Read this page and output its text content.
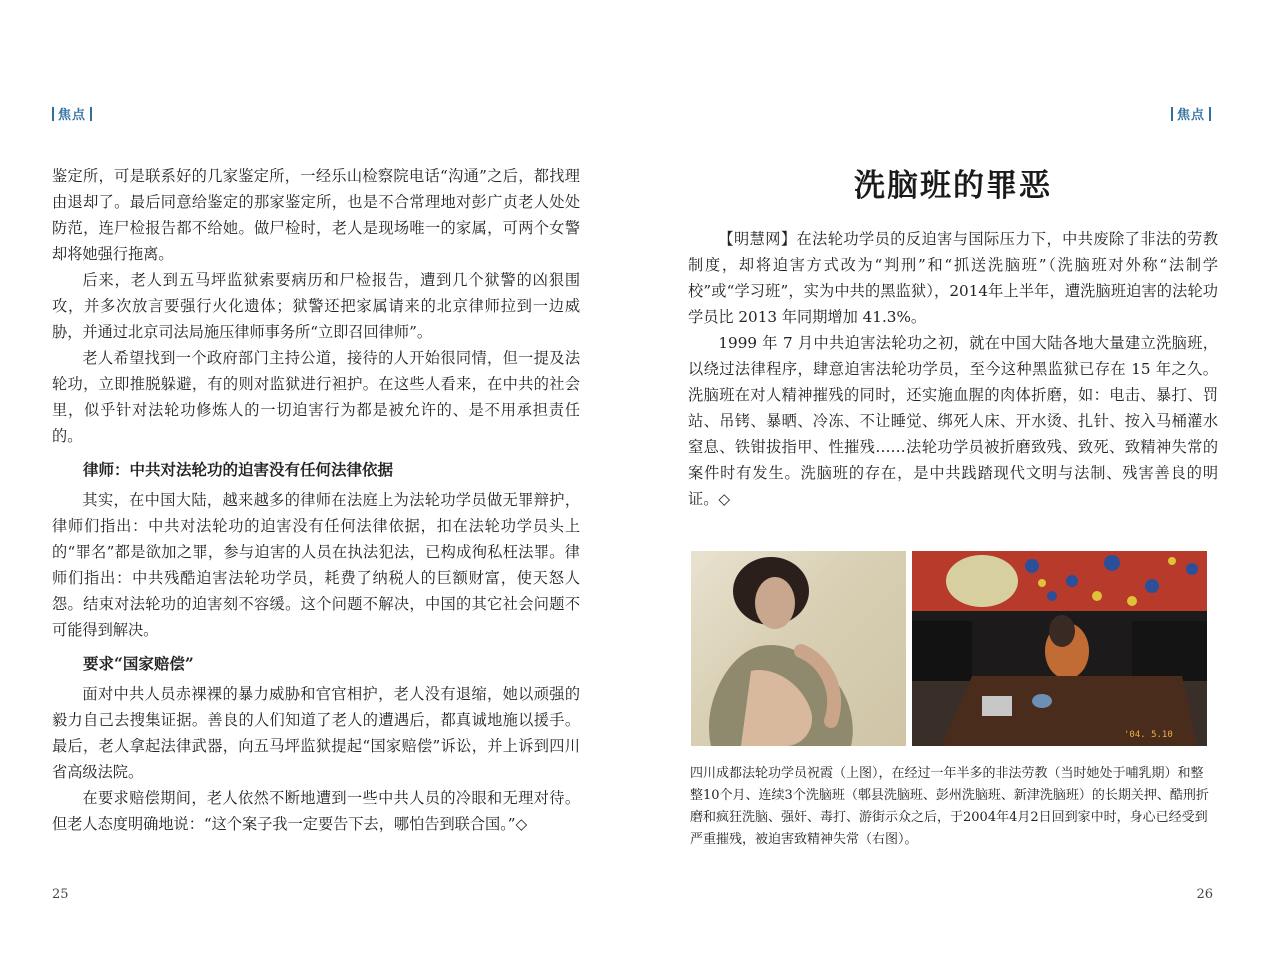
焦点

鉴定所，可是联系好的几家鉴定所，一经乐山检察院电话“沟通”之后，都找理由退却了。最后同意给鉴定的那家鉴定所，也是不合常理地对彭广贞老人处处防范，连尸检报告都不给她。做尸检时，老人是现场唯一的家属，可两个女警却将她强行拖离。

后来，老人到五马坪监狱索要病历和尸检报告，遭到几个狱警的凶狠围攻，并多次放言要强行火化遗体；狱警还把家属请来的北京律师拉到一边威胁，并通过北京司法局施压律师事务所“立即召回律师”。

老人希望找到一个政府部门主持公道，接待的人开始很同情，但一提及法轮功，立即推脱躲避，有的则对监狱进行袒护。在这些人看来，在中共的社会里，似乎针对法轮功修炼人的一切迫害行为都是被允许的、是不用承担责任的。

律师：中共对法轮功的迫害没有任何法律依据

其实，在中国大陆，越来越多的律师在法庭上为法轮功学员做无罪辩护，律师们指出：中共对法轮功的迫害没有任何法律依据，扣在法轮功学员头上的“罪名”都是欲加之罪，参与迫害的人员在执法犯法，已构成徇私枉法罪。律师们指出：中共残酷迫害法轮功学员，耗费了纳税人的巨额财富，使天怒人怨。结束对法轮功的迫害刻不容缓。这个问题不解决，中国的其它社会问题不可能得到解决。

要求“国家赔偿”

面对中共人员赤裸裸的暴力威胁和官官相护，老人没有退缩，她以顽强的毅力自己去搜集证据。善良的人们知道了老人的遭遇后，都真诚地施以援手。最后，老人拿起法律武器，向五马坪监狱提起“国家赔偿”诉讼，并上诉到四川省高级法院。

在要求赔偿期间，老人依然不断地遭到一些中共人员的冷眼和无理对待。但老人态度明确地说：“这个案子我一定要告下去，哪怕告到联合国。”◇

25
焦点
洗脑班的罪恶

【明慧网】在法轮功学员的反迫害与国际压力下，中共废除了非法的劳教制度，却将迫害方式改为“判刑”和“抓送洗脑班”（洗脑班对外称“法制学校”或“学习班”，实为中共的黑监狱），2014年上半年，遭洗脑班迫害的法轮功学员比 2013 年同期增加 41.3%。

1999 年 7 月中共迫害法轮功之初，就在中国大陆各地大量建立洗脑班，以绕过法律程序，肆意迫害法轮功学员，至今这种黑监狱已存在 15 年之久。洗脑班在对人精神摧残的同时，还实施血腥的肉体折磨，如：电击、暴打、罚站、吊铐、暴晒、冷冻、不让睡觉、绑死人床、开水烫、扎针、按入马桶灌水窒息、铁钳拔指甲、性摧残……法轮功学员被折磨致残、致死、致精神失常的案件时有发生。洗脑班的存在，是中共践踏现代文明与法制、残害善良的明证。◇

'04. 5.10
四川成都法轮功学员祝霞（上图），在经过一年半多的非法劳教（当时她处于哺乳期）和整整10个月、连续3个洗脑班（郫县洗脑班、彭州洗脑班、新津洗脑班）的长期关押、酷刑折磨和疯狂洗脑、强奸、毒打、游街示众之后，于2004年4月2日回到家中时，身心已经受到严重摧残，被迫害致精神失常（右图）。
26
